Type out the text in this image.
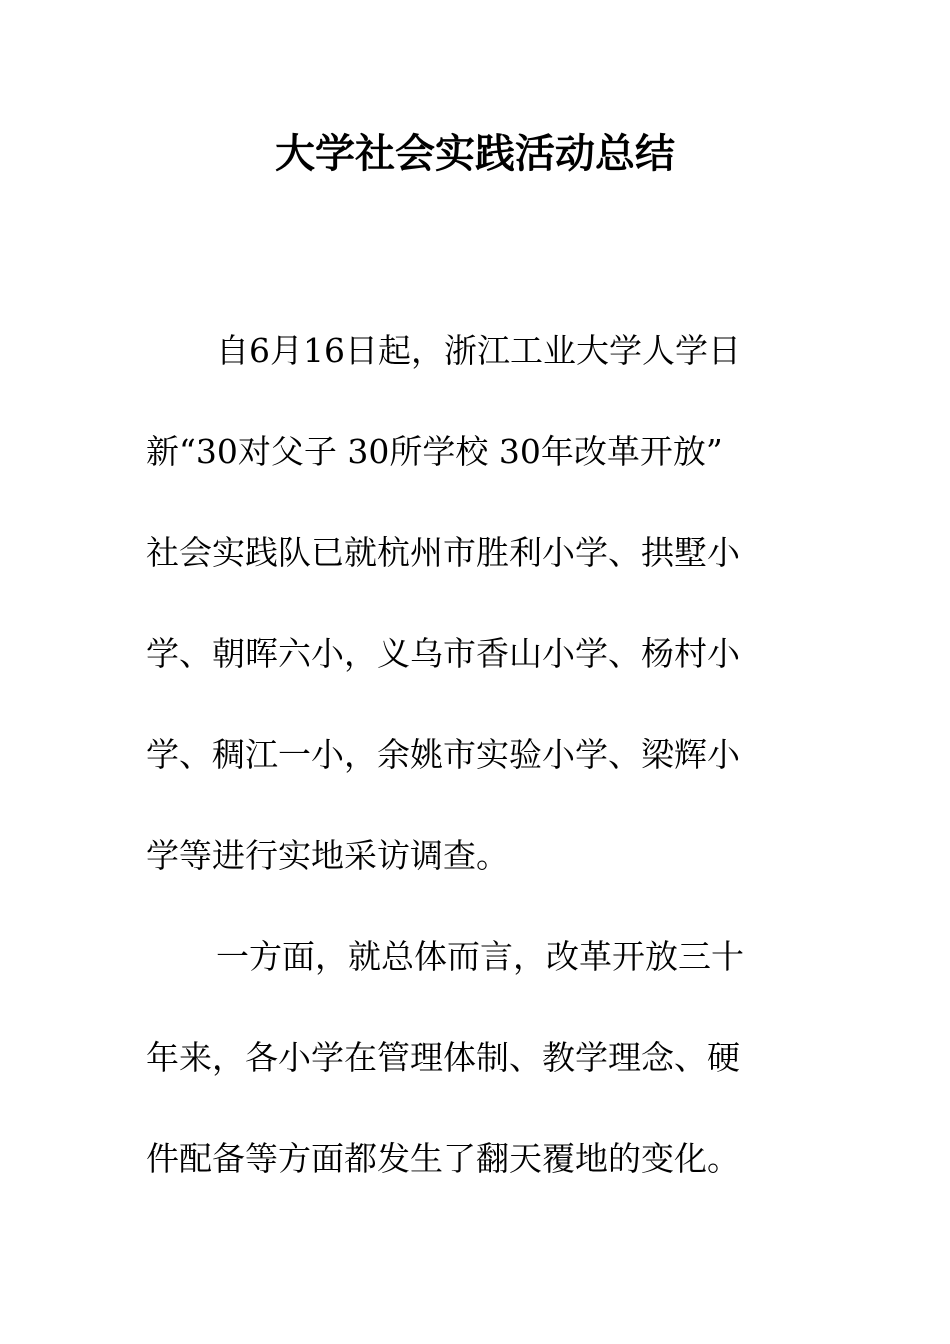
大学社会实践活动总结
自6月16日起，浙江工业大学人学日
新“30对父子 30所学校 30年改革开放”
社会实践队已就杭州市胜利小学、拱墅小
学、朝晖六小，义乌市香山小学、杨村小
学、稠江一小，余姚市实验小学、梁辉小
学等进行实地采访调查。
一方面，就总体而言，改革开放三十
年来，各小学在管理体制、教学理念、硬
件配备等方面都发生了翻天覆地的变化。
